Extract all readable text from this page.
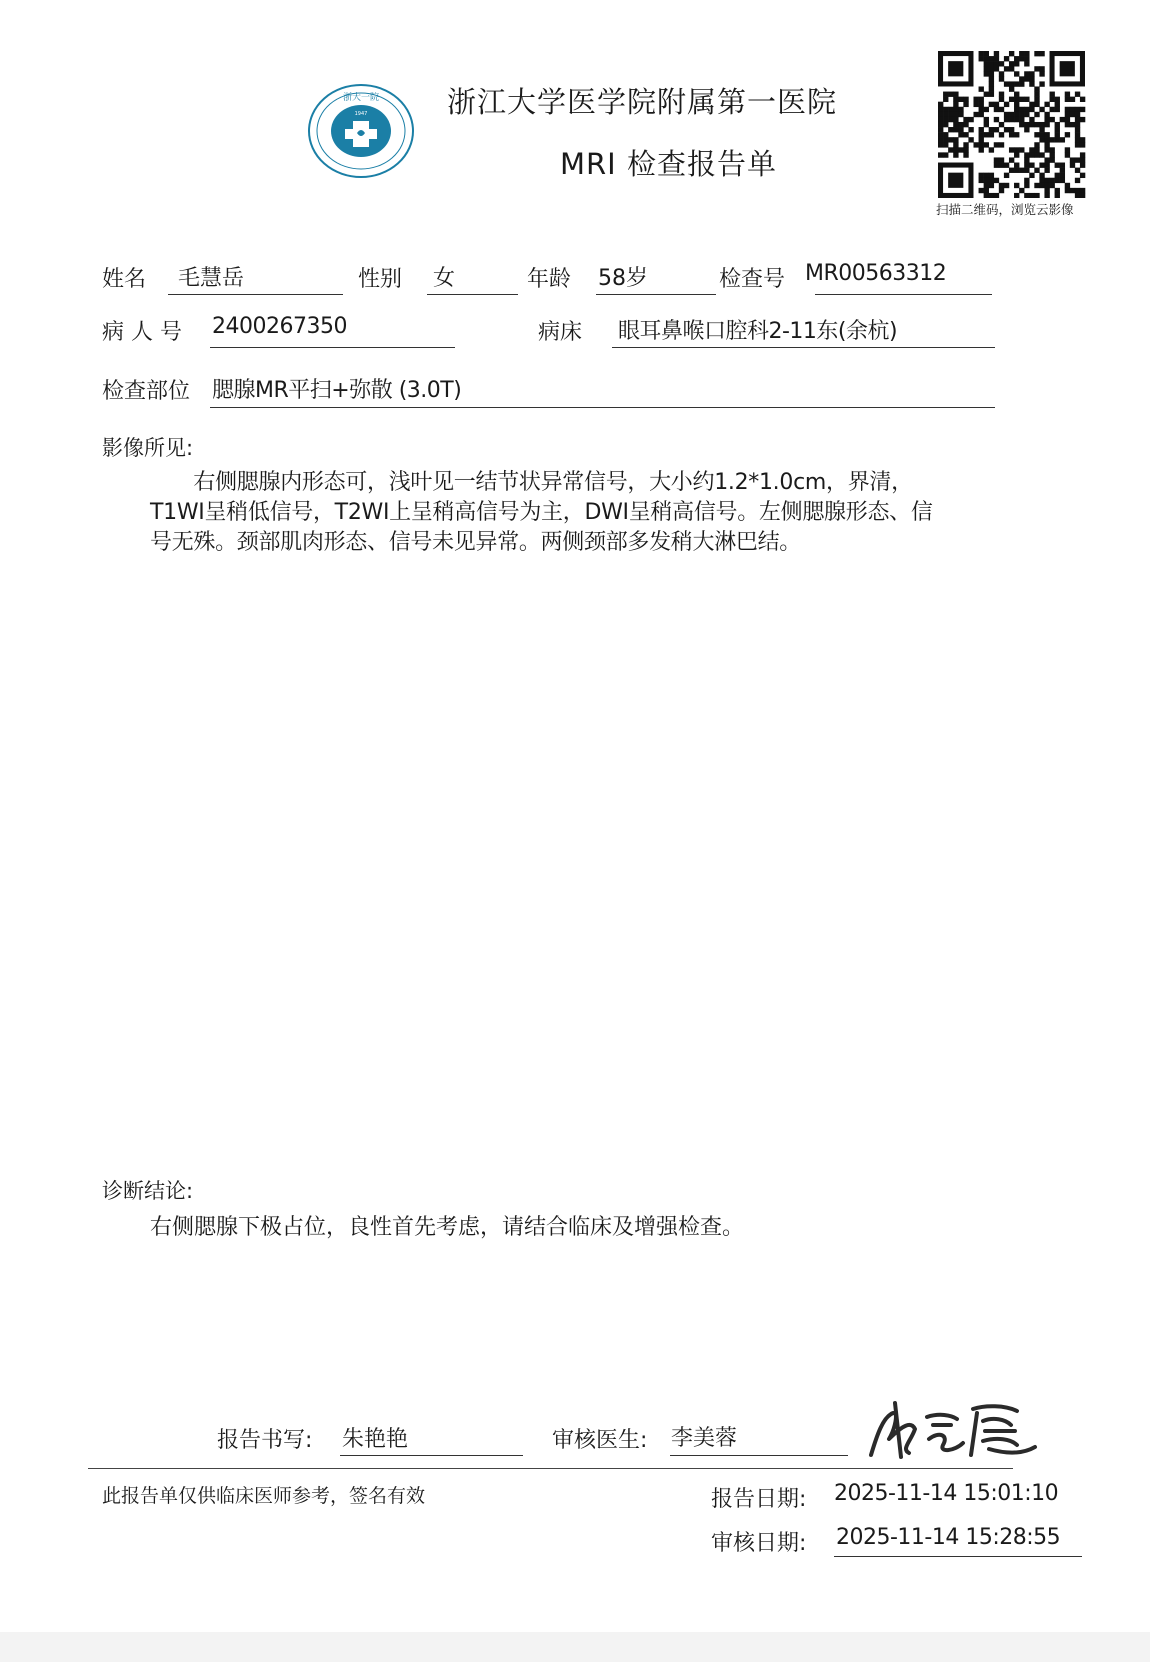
浙大一院
1947	浙江大学医学院附属第一医院
MRI 检查报告单
扫描二维码，浏览云影像
姓名 毛慧岳	性别 女	年龄 58岁	检查号 MR00563312
病 人 号 2400267350	病床 眼耳鼻喉口腔科2-11东(余杭)
检查部位 腮腺MR平扫+弥散 (3.0T)
影像所见:
　　右侧腮腺内形态可，浅叶见一结节状异常信号，大小约1.2*1.0cm，界清，
T1WI呈稍低信号，T2WI上呈稍高信号为主，DWI呈稍高信号。左侧腮腺形态、信
号无殊。颈部肌肉形态、信号未见异常。两侧颈部多发稍大淋巴结。
诊断结论:
右侧腮腺下极占位，良性首先考虑，请结合临床及增强检查。
报告书写: 朱艳艳	审核医生: 李美蓉
此报告单仅供临床医师参考，签名有效	报告日期: 2025-11-14 15:01:10
审核日期: 2025-11-14 15:28:55
